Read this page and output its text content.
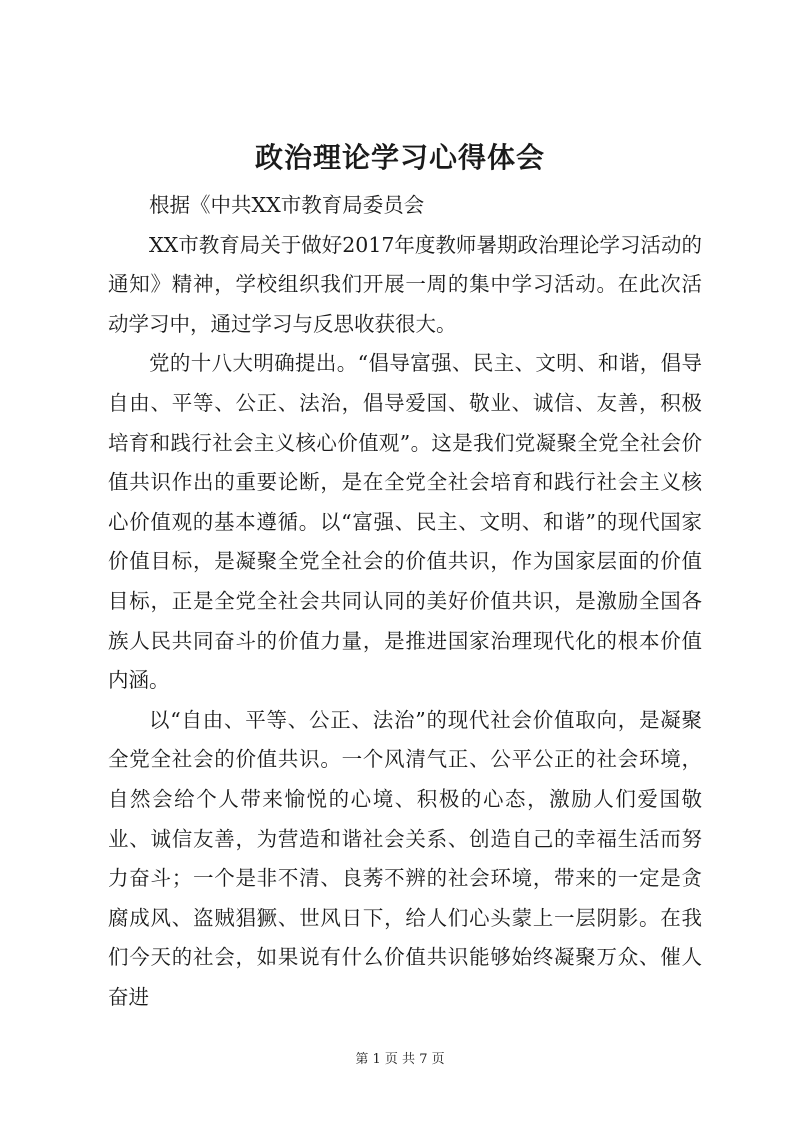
政治理论学习心得体会

根据《中共XX市教育局委员会

XX市教育局关于做好2017年度教师暑期政治理论学习活动的通知》精神，学校组织我们开展一周的集中学习活动。在此次活动学习中，通过学习与反思收获很大。

党的十八大明确提出。“倡导富强、民主、文明、和谐，倡导自由、平等、公正、法治，倡导爱国、敬业、诚信、友善，积极培育和践行社会主义核心价值观”。这是我们党凝聚全党全社会价值共识作出的重要论断，是在全党全社会培育和践行社会主义核心价值观的基本遵循。以“富强、民主、文明、和谐”的现代国家价值目标，是凝聚全党全社会的价值共识，作为国家层面的价值目标，正是全党全社会共同认同的美好价值共识，是激励全国各族人民共同奋斗的价值力量，是推进国家治理现代化的根本价值内涵。

以“自由、平等、公正、法治”的现代社会价值取向，是凝聚全党全社会的价值共识。一个风清气正、公平公正的社会环境，自然会给个人带来愉悦的心境、积极的心态，激励人们爱国敬业、诚信友善，为营造和谐社会关系、创造自己的幸福生活而努力奋斗；一个是非不清、良莠不辨的社会环境，带来的一定是贪腐成风、盗贼猖獗、世风日下，给人们心头蒙上一层阴影。在我们今天的社会，如果说有什么价值共识能够始终凝聚万众、催人奋进

第 1 页 共 7 页
